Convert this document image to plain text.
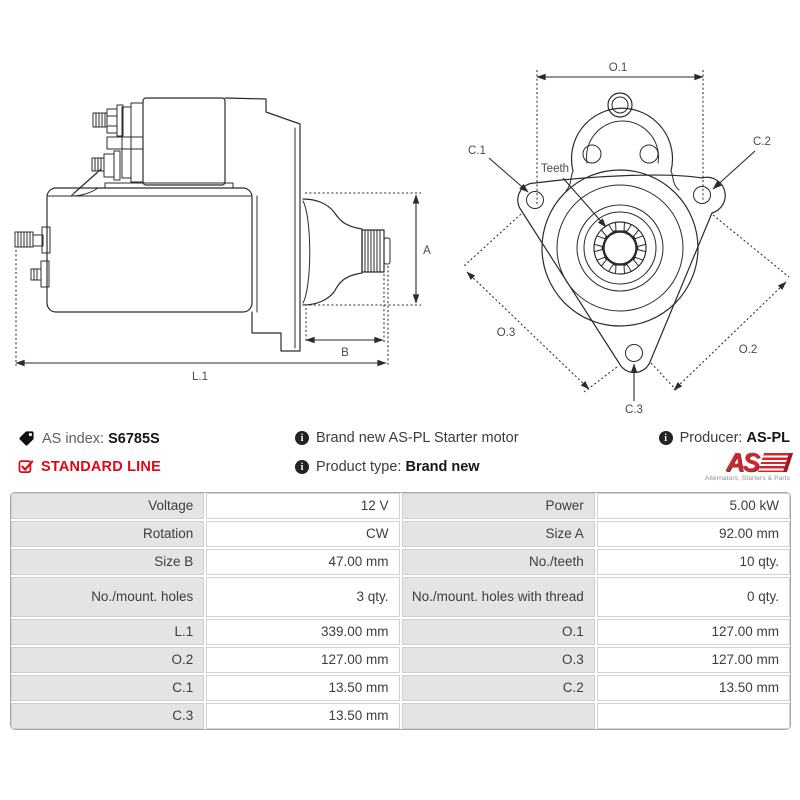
A
B
L.1
O.1
C.1
C.2
Teeth
O.3
O.2
C.3
AS index: S6785S	i Brand new AS-PL Starter motor	i Producer: AS-PL
STANDARD LINE	i Product type: Brand new	AS
Alternators, Starters & Parts
Voltage	12 V	Power	5.00 kW
Rotation	CW	Size A	92.00 mm
Size B	47.00 mm	No./teeth	10 qty.
No./mount. holes	3 qty.	No./mount. holes with thread	0 qty.
L.1	339.00 mm	O.1	127.00 mm
O.2	127.00 mm	O.3	127.00 mm
C.1	13.50 mm	C.2	13.50 mm
C.3	13.50 mm
